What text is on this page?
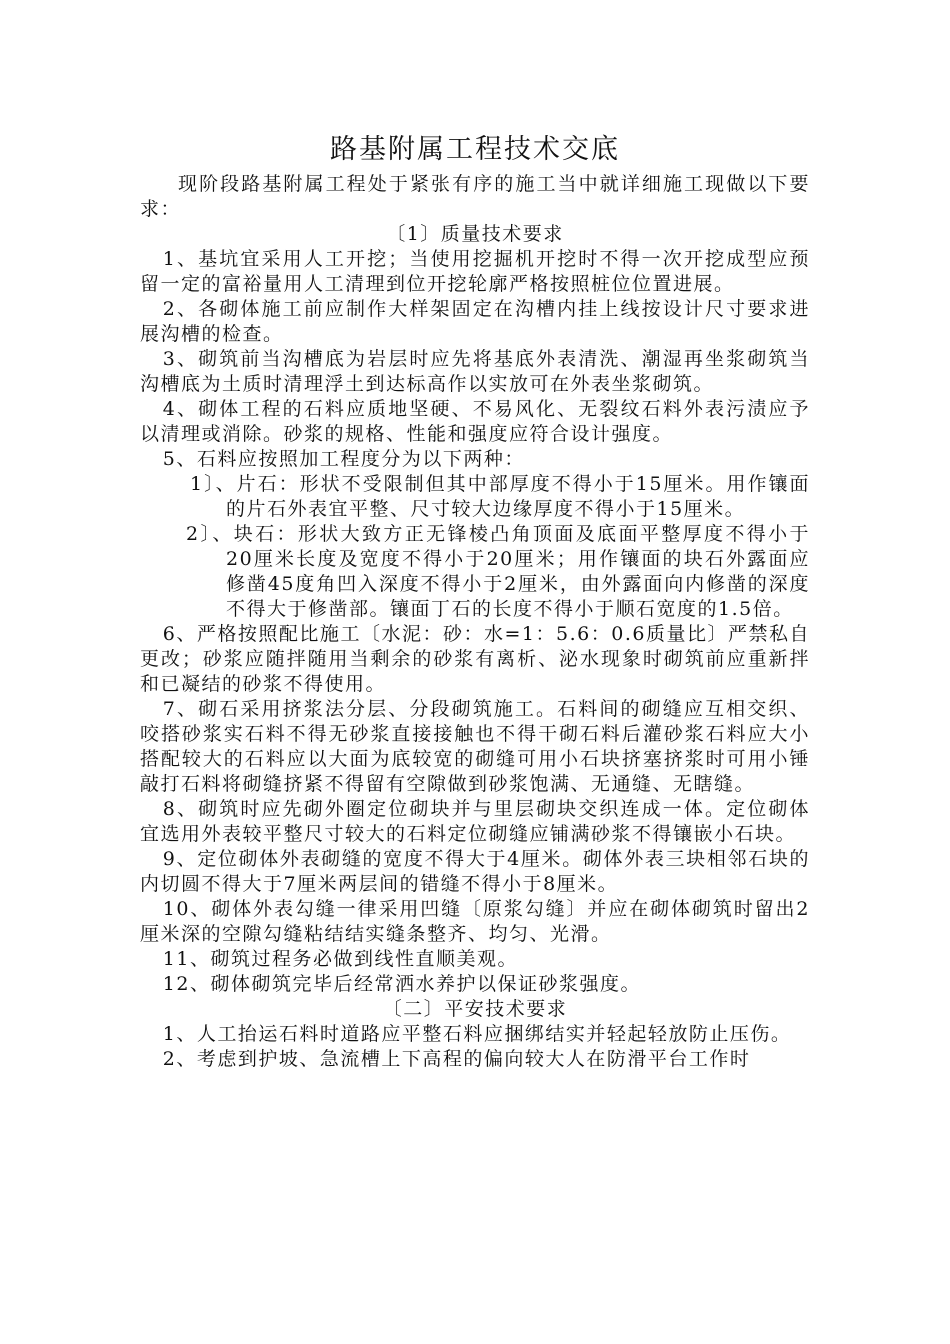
路基附属工程技术交底

现阶段路基附属工程处于紧张有序的施工当中就详细施工现做以下要求：

〔1〕质量技术要求

1、基坑宜采用人工开挖；当使用挖掘机开挖时不得一次开挖成型应预留一定的富裕量用人工清理到位开挖轮廓严格按照桩位位置进展。

2、各砌体施工前应制作大样架固定在沟槽内挂上线按设计尺寸要求进展沟槽的检查。

3、砌筑前当沟槽底为岩层时应先将基底外表清洗、潮湿再坐浆砌筑当沟槽底为土质时清理浮土到达标高作以实放可在外表坐浆砌筑。

4、砌体工程的石料应质地坚硬、不易风化、无裂纹石料外表污渍应予以清理或消除。砂浆的规格、性能和强度应符合设计强度。

5、石料应按照加工程度分为以下两种：

1〕、片石：形状不受限制但其中部厚度不得小于15厘米。用作镶面的片石外表宜平整、尺寸较大边缘厚度不得小于15厘米。

2〕、块石：形状大致方正无锋棱凸角顶面及底面平整厚度不得小于20厘米长度及宽度不得小于20厘米；用作镶面的块石外露面应修凿45度角凹入深度不得小于2厘米，由外露面向内修凿的深度不得大于修凿部。镶面丁石的长度不得小于顺石宽度的1.5倍。

6、严格按照配比施工〔水泥：砂：水=1：5.6：0.6质量比〕严禁私自更改；砂浆应随拌随用当剩余的砂浆有离析、泌水现象时砌筑前应重新拌和已凝结的砂浆不得使用。

7、砌石采用挤浆法分层、分段砌筑施工。石料间的砌缝应互相交织、咬搭砂浆实石料不得无砂浆直接接触也不得干砌石料后灌砂浆石料应大小搭配较大的石料应以大面为底较宽的砌缝可用小石块挤塞挤浆时可用小锤敲打石料将砌缝挤紧不得留有空隙做到砂浆饱满、无通缝、无瞎缝。

8、砌筑时应先砌外圈定位砌块并与里层砌块交织连成一体。定位砌体宜选用外表较平整尺寸较大的石料定位砌缝应铺满砂浆不得镶嵌小石块。

9、定位砌体外表砌缝的宽度不得大于4厘米。砌体外表三块相邻石块的内切圆不得大于7厘米两层间的错缝不得小于8厘米。

10、砌体外表勾缝一律采用凹缝〔原浆勾缝〕并应在砌体砌筑时留出2厘米深的空隙勾缝粘结结实缝条整齐、均匀、光滑。

11、砌筑过程务必做到线性直顺美观。

12、砌体砌筑完毕后经常洒水养护以保证砂浆强度。

〔二〕平安技术要求

1、人工抬运石料时道路应平整石料应捆绑结实并轻起轻放防止压伤。

2、考虑到护坡、急流槽上下高程的偏向较大人在防滑平台工作时
